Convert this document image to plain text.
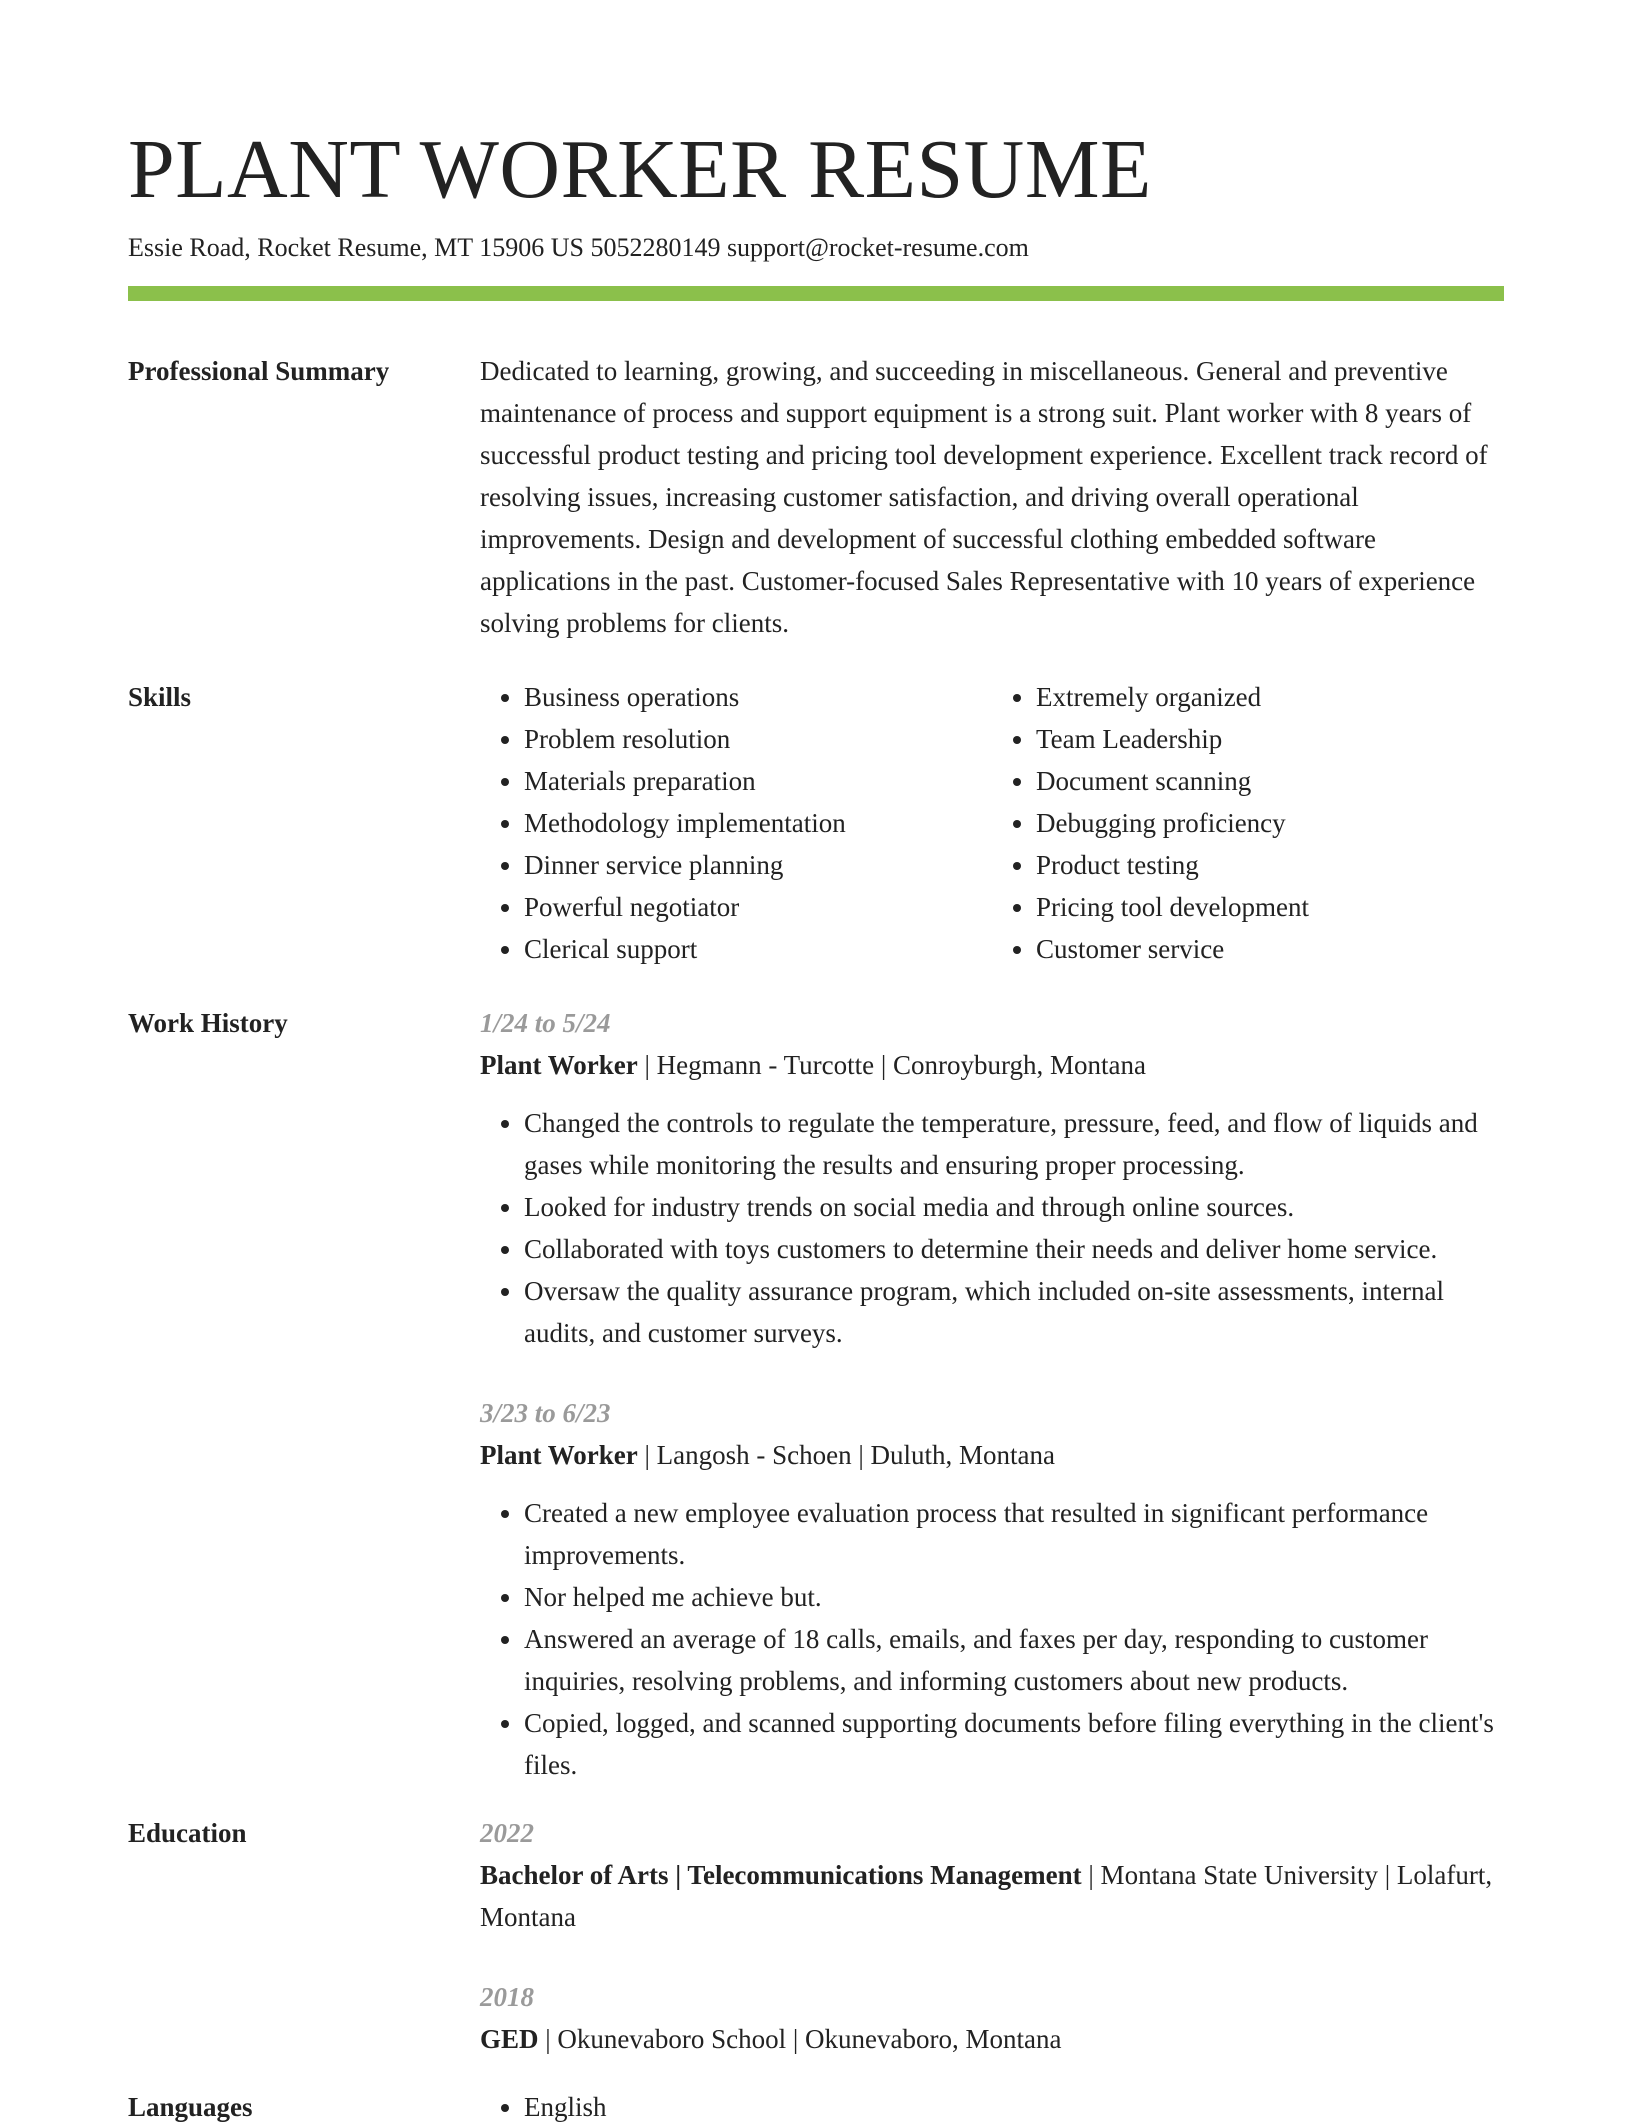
PLANT WORKER RESUME
Essie Road, Rocket Resume, MT 15906 US 5052280149 support@rocket-resume.com
Professional Summary	Dedicated to learning, growing, and succeeding in miscellaneous. General and preventive maintenance of process and support equipment is a strong suit. Plant worker with 8 years of successful product testing and pricing tool development experience. Excellent track record of resolving issues, increasing customer satisfaction, and driving overall operational improvements. Design and development of successful clothing embedded software applications in the past. Customer-focused Sales Representative with 10 years of experience solving problems for clients.

Skills	• Business operations
• Problem resolution
• Materials preparation
• Methodology implementation
• Dinner service planning
• Powerful negotiator
• Clerical support
• Extremely organized
• Team Leadership
• Document scanning
• Debugging proficiency
• Product testing
• Pricing tool development
• Customer service
Work History	1/24 to 5/24
Plant Worker | Hegmann - Turcotte | Conroyburgh, Montana
• Changed the controls to regulate the temperature, pressure, feed, and flow of liquids and gases while monitoring the results and ensuring proper processing.
• Looked for industry trends on social media and through online sources.
• Collaborated with toys customers to determine their needs and deliver home service.
• Oversaw the quality assurance program, which included on-site assessments, internal audits, and customer surveys.
3/23 to 6/23
Plant Worker | Langosh - Schoen | Duluth, Montana
• Created a new employee evaluation process that resulted in significant performance improvements.
• Nor helped me achieve but.
• Answered an average of 18 calls, emails, and faxes per day, responding to customer inquiries, resolving problems, and informing customers about new products.
• Copied, logged, and scanned supporting documents before filing everything in the client's files.
Education	2022
Bachelor of Arts | Telecommunications Management | Montana State University | Lolafurt, Montana
2018
GED | Okunevaboro School | Okunevaboro, Montana
Languages	• English
